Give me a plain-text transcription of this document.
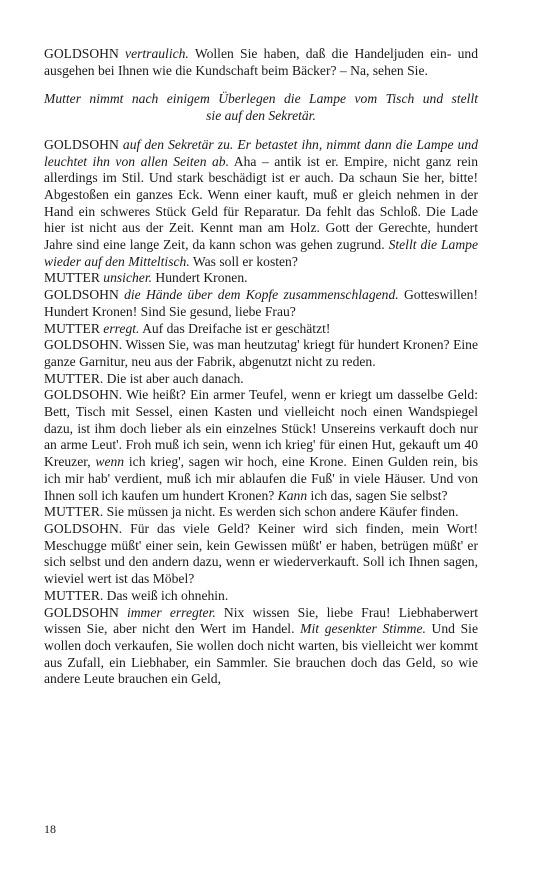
GOLDSOHN vertraulich. Wollen Sie haben, daß die Handeljuden ein- und ausgehen bei Ihnen wie die Kundschaft beim Bäcker? – Na, sehen Sie.

Mutter nimmt nach einigem Überlegen die Lampe vom Tisch und stellt
sie auf den Sekretär.

GOLDSOHN auf den Sekretär zu. Er betastet ihn, nimmt dann die Lampe und leuchtet ihn von allen Seiten ab. Aha – antik ist er. Empire, nicht ganz rein allerdings im Stil. Und stark beschädigt ist er auch. Da schaun Sie her, bitte! Abgestoßen ein ganzes Eck. Wenn einer kauft, muß er gleich nehmen in der Hand ein schweres Stück Geld für Reparatur. Da fehlt das Schloß. Die Lade hier ist nicht aus der Zeit. Kennt man am Holz. Gott der Gerechte, hundert Jahre sind eine lange Zeit, da kann schon was gehen zugrund. Stellt die Lampe wieder auf den Mitteltisch. Was soll er kosten?

MUTTER unsicher. Hundert Kronen.

GOLDSOHN die Hände über dem Kopfe zusammenschlagend. Gotteswillen! Hundert Kronen! Sind Sie gesund, liebe Frau?

MUTTER erregt. Auf das Dreifache ist er geschätzt!

GOLDSOHN. Wissen Sie, was man heutzutag' kriegt für hundert Kronen? Eine ganze Garnitur, neu aus der Fabrik, abgenutzt nicht zu reden.

MUTTER. Die ist aber auch danach.

GOLDSOHN. Wie heißt? Ein armer Teufel, wenn er kriegt um dasselbe Geld: Bett, Tisch mit Sessel, einen Kasten und vielleicht noch einen Wandspiegel dazu, ist ihm doch lieber als ein einzelnes Stück! Unsereins verkauft doch nur an arme Leut'. Froh muß ich sein, wenn ich krieg' für einen Hut, gekauft um 40 Kreuzer, wenn ich krieg', sagen wir hoch, eine Krone. Einen Gulden rein, bis ich mir hab' verdient, muß ich mir ablaufen die Fuß' in viele Häuser. Und von Ihnen soll ich kaufen um hundert Kronen? Kann ich das, sagen Sie selbst?

MUTTER. Sie müssen ja nicht. Es werden sich schon andere Käufer finden.

GOLDSOHN. Für das viele Geld? Keiner wird sich finden, mein Wort! Meschugge müßt' einer sein, kein Gewissen müßt' er haben, betrügen müßt' er sich selbst und den andern dazu, wenn er wiederverkauft. Soll ich Ihnen sagen, wieviel wert ist das Möbel?

MUTTER. Das weiß ich ohnehin.

GOLDSOHN immer erregter. Nix wissen Sie, liebe Frau! Liebhaberwert wissen Sie, aber nicht den Wert im Handel. Mit gesenkter Stimme. Und Sie wollen doch verkaufen, Sie wollen doch nicht warten, bis vielleicht wer kommt aus Zufall, ein Liebhaber, ein Sammler. Sie brauchen doch das Geld, so wie andere Leute brauchen ein Geld,

18
